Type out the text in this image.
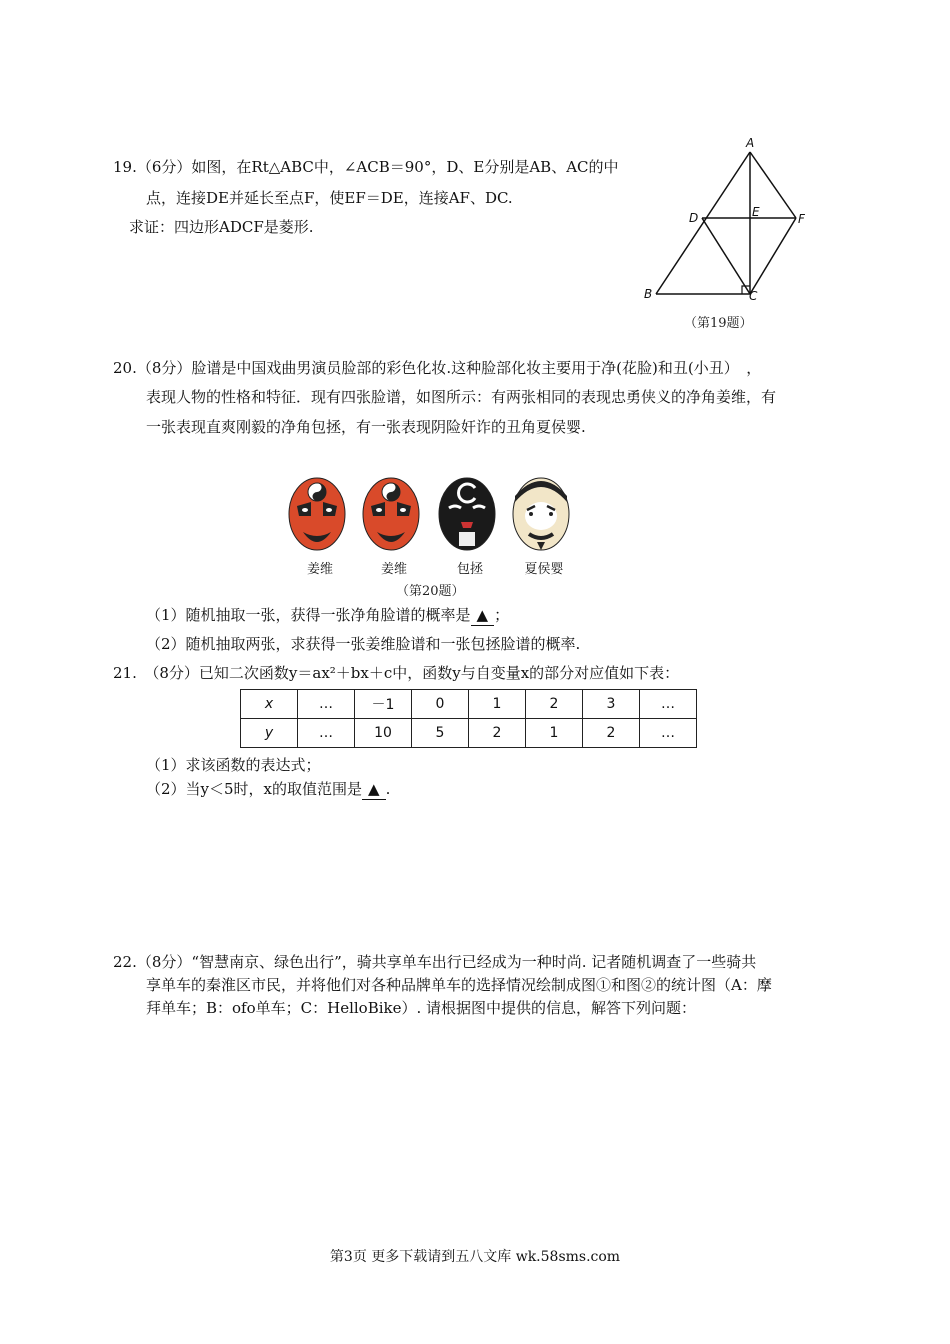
19.（6分）如图，在Rt△ABC中，∠ACB＝90°，D、E分别是AB、AC的中
点，连接DE并延长至点F，使EF＝DE，连接AF、DC.
求证：四边形ADCF是菱形.
A
B	C
D	E	F
（第19题）
20.（8分）脸谱是中国戏曲男演员脸部的彩色化妆.这种脸部化妆主要用于净(花脸)和丑(小丑）　，
表现人物的性格和特征．现有四张脸谱，如图所示：有两张相同的表现忠勇侠义的净角姜维，有
一张表现直爽刚毅的净角包拯，有一张表现阴险奸诈的丑角夏侯婴.
姜维	姜维	包拯	夏侯婴
（第20题）
（1）随机抽取一张，获得一张净角脸谱的概率是 ▲ ；
（2）随机抽取两张，求获得一张姜维脸谱和一张包拯脸谱的概率.
21.　（8分）已知二次函数y＝ax²＋bx＋c中，函数y与自变量x的部分对应值如下表：
x	…	－1	0	1	2	3	…
y	…	10	5	2	1	2	…
（1）求该函数的表达式；
（2）当y＜5时，x的取值范围是 ▲ .
22.（8分）“智慧南京、绿色出行”，骑共享单车出行已经成为一种时尚. 记者随机调查了一些骑共
享单车的秦淮区市民，并将他们对各种品牌单车的选择情况绘制成图①和图②的统计图（A：摩
拜单车；B：ofo单车；C：HelloBike）. 请根据图中提供的信息，解答下列问题：
第3页 更多下载请到五八文库 wk.58sms.com
